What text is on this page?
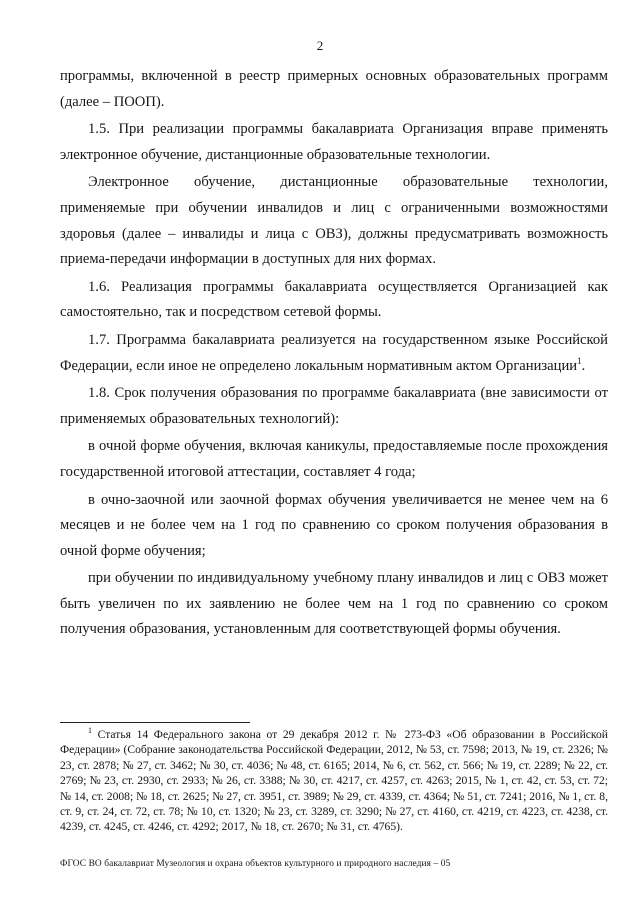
2

программы, включенной в реестр примерных основных образовательных программ (далее – ПООП).

1.5. При реализации программы бакалавриата Организация вправе применять электронное обучение, дистанционные образовательные технологии.

Электронное обучение, дистанционные образовательные технологии, применяемые при обучении инвалидов и лиц с ограниченными возможностями здоровья (далее – инвалиды и лица с ОВЗ), должны предусматривать возможность приема-передачи информации в доступных для них формах.

1.6. Реализация программы бакалавриата осуществляется Организацией как самостоятельно, так и посредством сетевой формы.

1.7. Программа бакалавриата реализуется на государственном языке Российской Федерации, если иное не определено локальным нормативным актом Организации$^1$.

1.8. Срок получения образования по программе бакалавриата (вне зависимости от применяемых образовательных технологий):

в очной форме обучения, включая каникулы, предоставляемые после прохождения государственной итоговой аттестации, составляет 4 года;

в очно-заочной или заочной формах обучения увеличивается не менее чем на 6 месяцев и не более чем на 1 год по сравнению со сроком получения образования в очной форме обучения;

при обучении по индивидуальному учебному плану инвалидов и лиц с ОВЗ может быть увеличен по их заявлению не более чем на 1 год по сравнению со сроком получения образования, установленным для соответствующей формы обучения.

$^1$ Статья 14 Федерального закона от 29 декабря 2012 г. № 273-ФЗ «Об образовании в Российской Федерации» (Собрание законодательства Российской Федерации, 2012, № 53, ст. 7598; 2013, № 19, ст. 2326; № 23, ст. 2878; № 27, ст. 3462; № 30, ст. 4036; № 48, ст. 6165; 2014, № 6, ст. 562, ст. 566; № 19, ст. 2289; № 22, ст. 2769; № 23, ст. 2930, ст. 2933; № 26, ст. 3388; № 30, ст. 4217, ст. 4257, ст. 4263; 2015, № 1, ст. 42, ст. 53, ст. 72; № 14, ст. 2008; № 18, ст. 2625; № 27, ст. 3951, ст. 3989; № 29, ст. 4339, ст. 4364; № 51, ст. 7241; 2016, № 1, ст. 8, ст. 9, ст. 24, ст. 72, ст. 78; № 10, ст. 1320; № 23, ст. 3289, ст. 3290; № 27, ст. 4160, ст. 4219, ст. 4223, ст. 4238, ст. 4239, ст. 4245, ст. 4246, ст. 4292; 2017, № 18, ст. 2670; № 31, ст. 4765).

ФГОС ВО бакалавриат Музеология и охрана объектов культурного и природного наследия – 05
